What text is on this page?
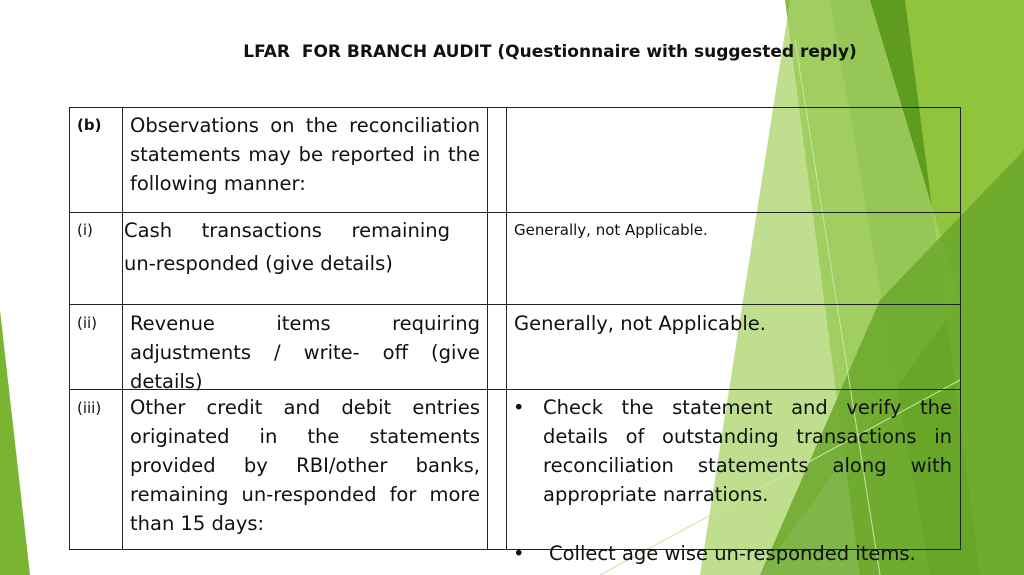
LFAR  FOR BRANCH AUDIT (Questionnaire with suggested reply)
(b) Observations on the reconciliation statements may be reported in the following manner:
(i) Cash transactions remaining
un-responded (give details)
Generally, not Applicable.
(ii) Revenue items requiring adjustments / write- off (give details)
Generally, not Applicable.
(iii) Other credit and debit entries originated in the statements provided by RBI/other banks, remaining un-responded for more than 15 days:
• Check the statement and verify the details of outstanding transactions in reconciliation statements along with appropriate narrations.
• Collect age wise un-responded items.
